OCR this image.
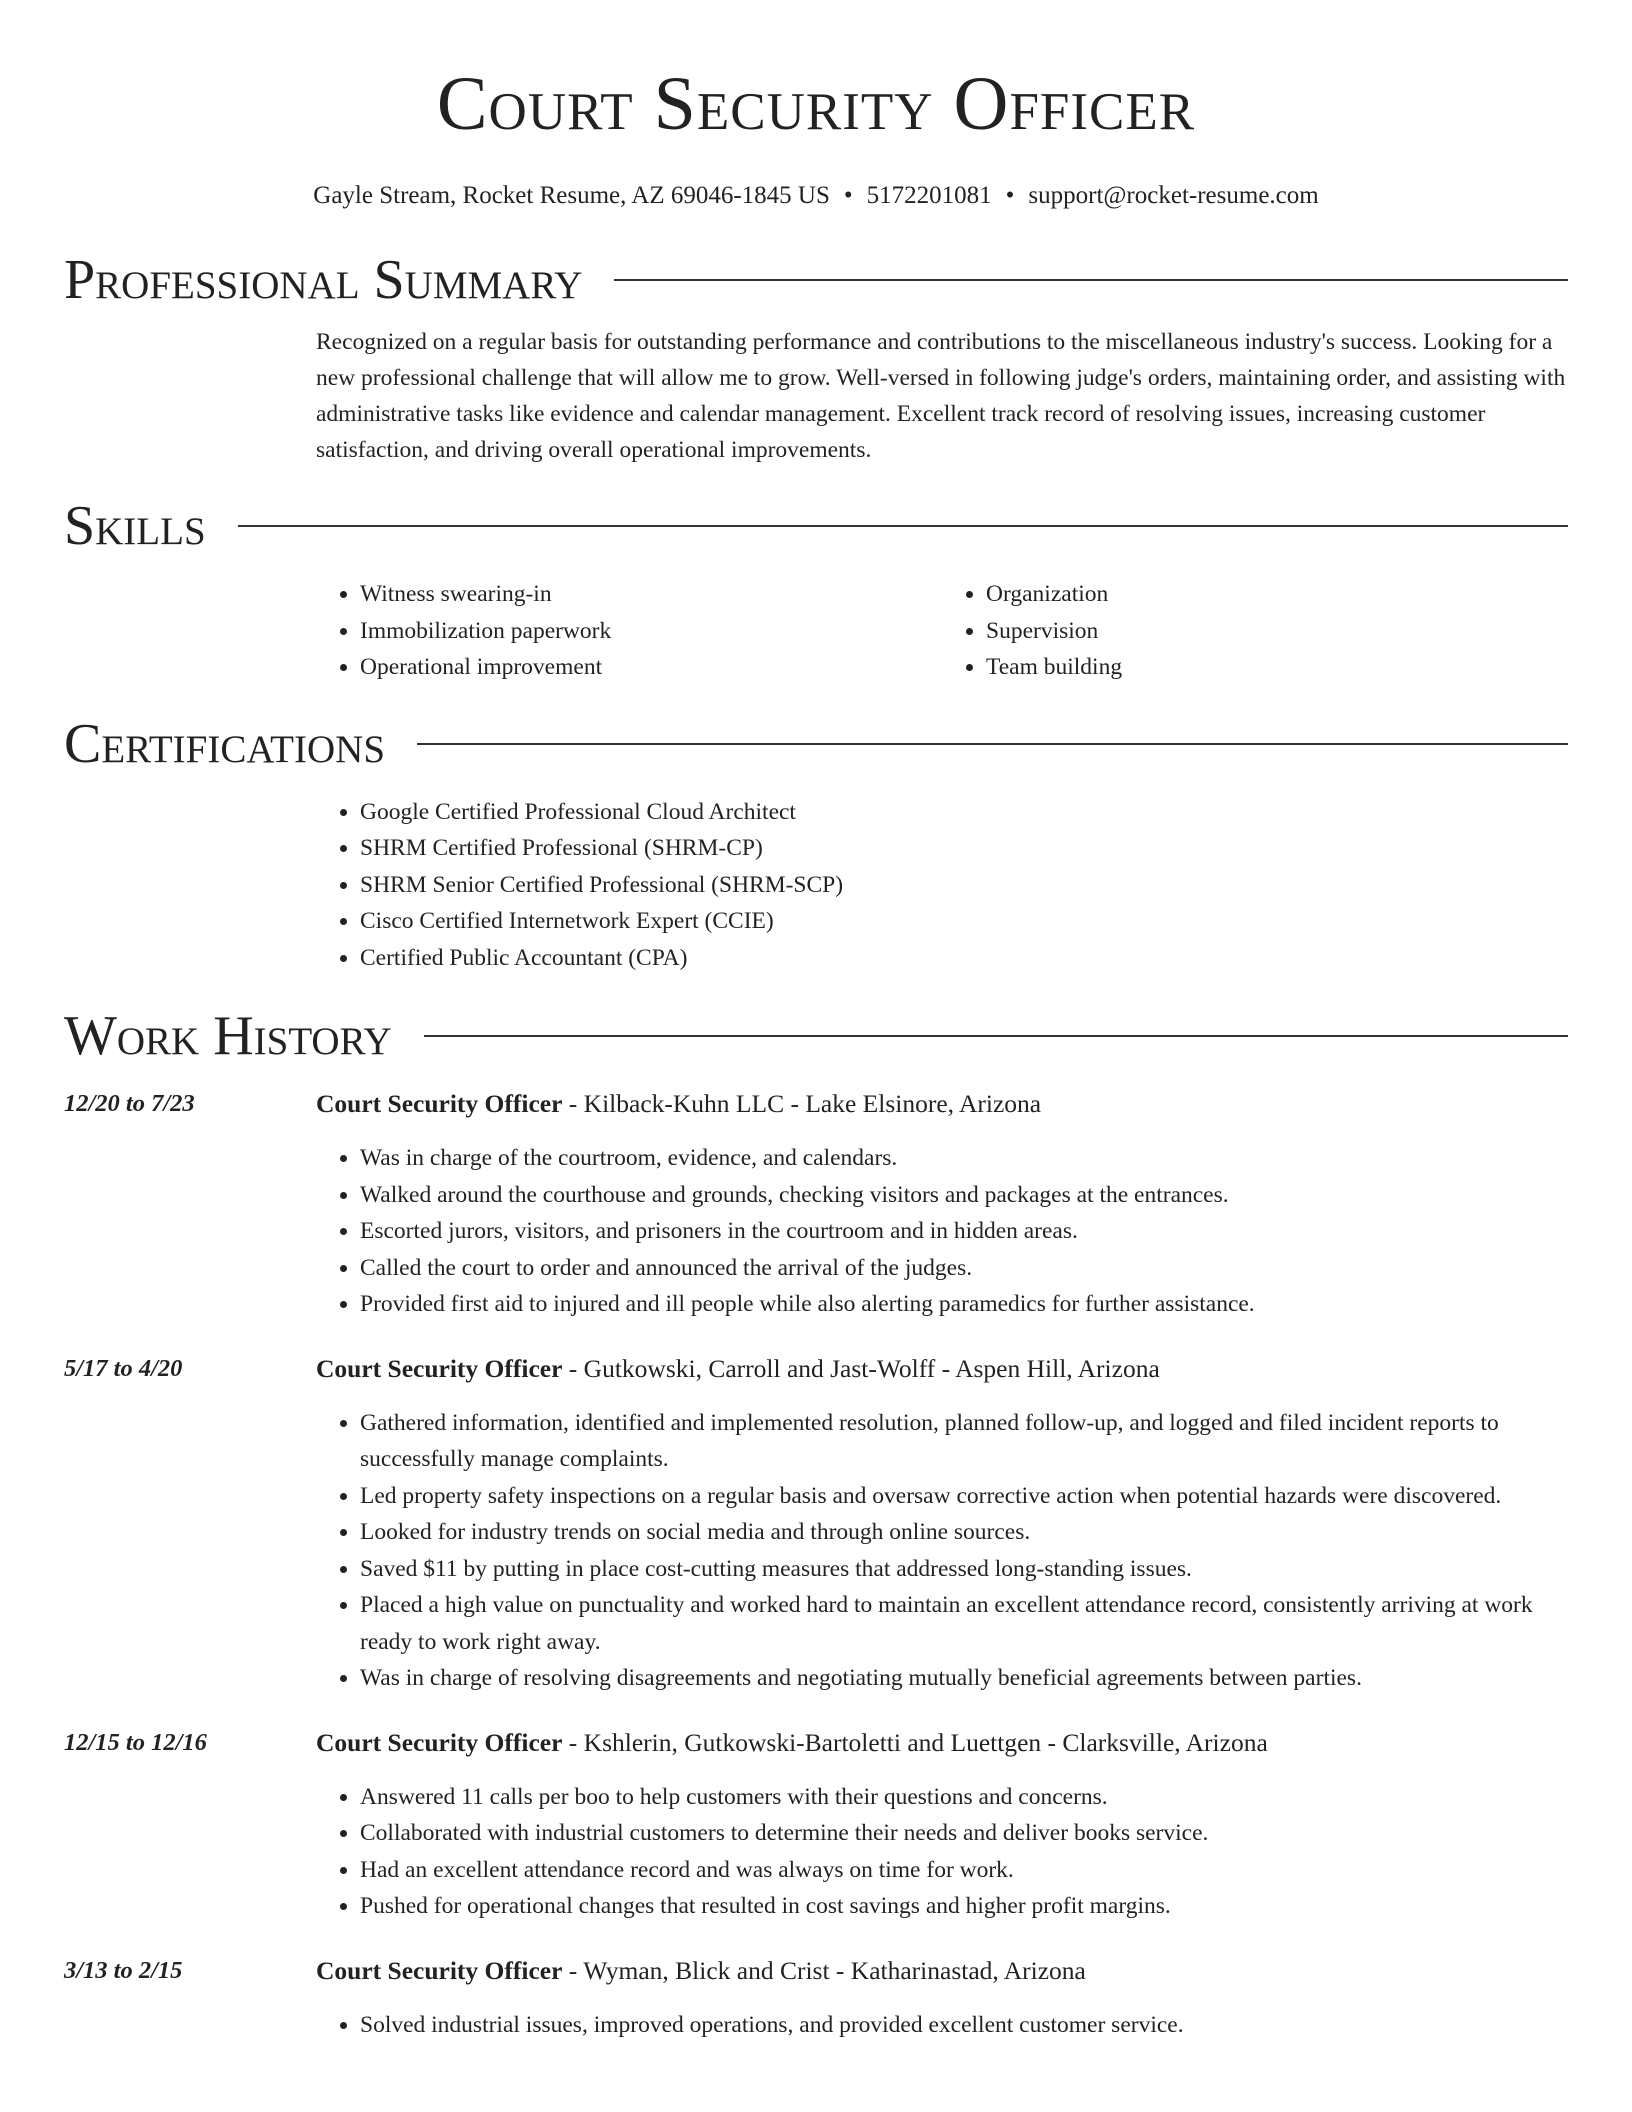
Court Security Officer
Gayle Stream, Rocket Resume, AZ 69046-1845 US • 5172201081 • support@rocket-resume.com
Professional Summary

Recognized on a regular basis for outstanding performance and contributions to the miscellaneous industry's success. Looking for a new professional challenge that will allow me to grow. Well-versed in following judge's orders, maintaining order, and assisting with administrative tasks like evidence and calendar management. Excellent track record of resolving issues, increasing customer satisfaction, and driving overall operational improvements.

Skills
• Witness swearing-in
• Immobilization paperwork
• Operational improvement
• Organization
• Supervision
• Team building
Certifications
• Google Certified Professional Cloud Architect
• SHRM Certified Professional (SHRM-CP)
• SHRM Senior Certified Professional (SHRM-SCP)
• Cisco Certified Internetwork Expert (CCIE)
• Certified Public Accountant (CPA)
Work History
12/20 to 7/23	Court Security Officer - Kilback-Kuhn LLC - Lake Elsinore, Arizona
• Was in charge of the courtroom, evidence, and calendars.
• Walked around the courthouse and grounds, checking visitors and packages at the entrances.
• Escorted jurors, visitors, and prisoners in the courtroom and in hidden areas.
• Called the court to order and announced the arrival of the judges.
• Provided first aid to injured and ill people while also alerting paramedics for further assistance.
5/17 to 4/20	Court Security Officer - Gutkowski, Carroll and Jast-Wolff - Aspen Hill, Arizona
• Gathered information, identified and implemented resolution, planned follow-up, and logged and filed incident reports to successfully manage complaints.
• Led property safety inspections on a regular basis and oversaw corrective action when potential hazards were discovered.
• Looked for industry trends on social media and through online sources.
• Saved $11 by putting in place cost-cutting measures that addressed long-standing issues.
• Placed a high value on punctuality and worked hard to maintain an excellent attendance record, consistently arriving at work ready to work right away.
• Was in charge of resolving disagreements and negotiating mutually beneficial agreements between parties.
12/15 to 12/16	Court Security Officer - Kshlerin, Gutkowski-Bartoletti and Luettgen - Clarksville, Arizona
• Answered 11 calls per boo to help customers with their questions and concerns.
• Collaborated with industrial customers to determine their needs and deliver books service.
• Had an excellent attendance record and was always on time for work.
• Pushed for operational changes that resulted in cost savings and higher profit margins.
3/13 to 2/15	Court Security Officer - Wyman, Blick and Crist - Katharinastad, Arizona
• Solved industrial issues, improved operations, and provided excellent customer service.
